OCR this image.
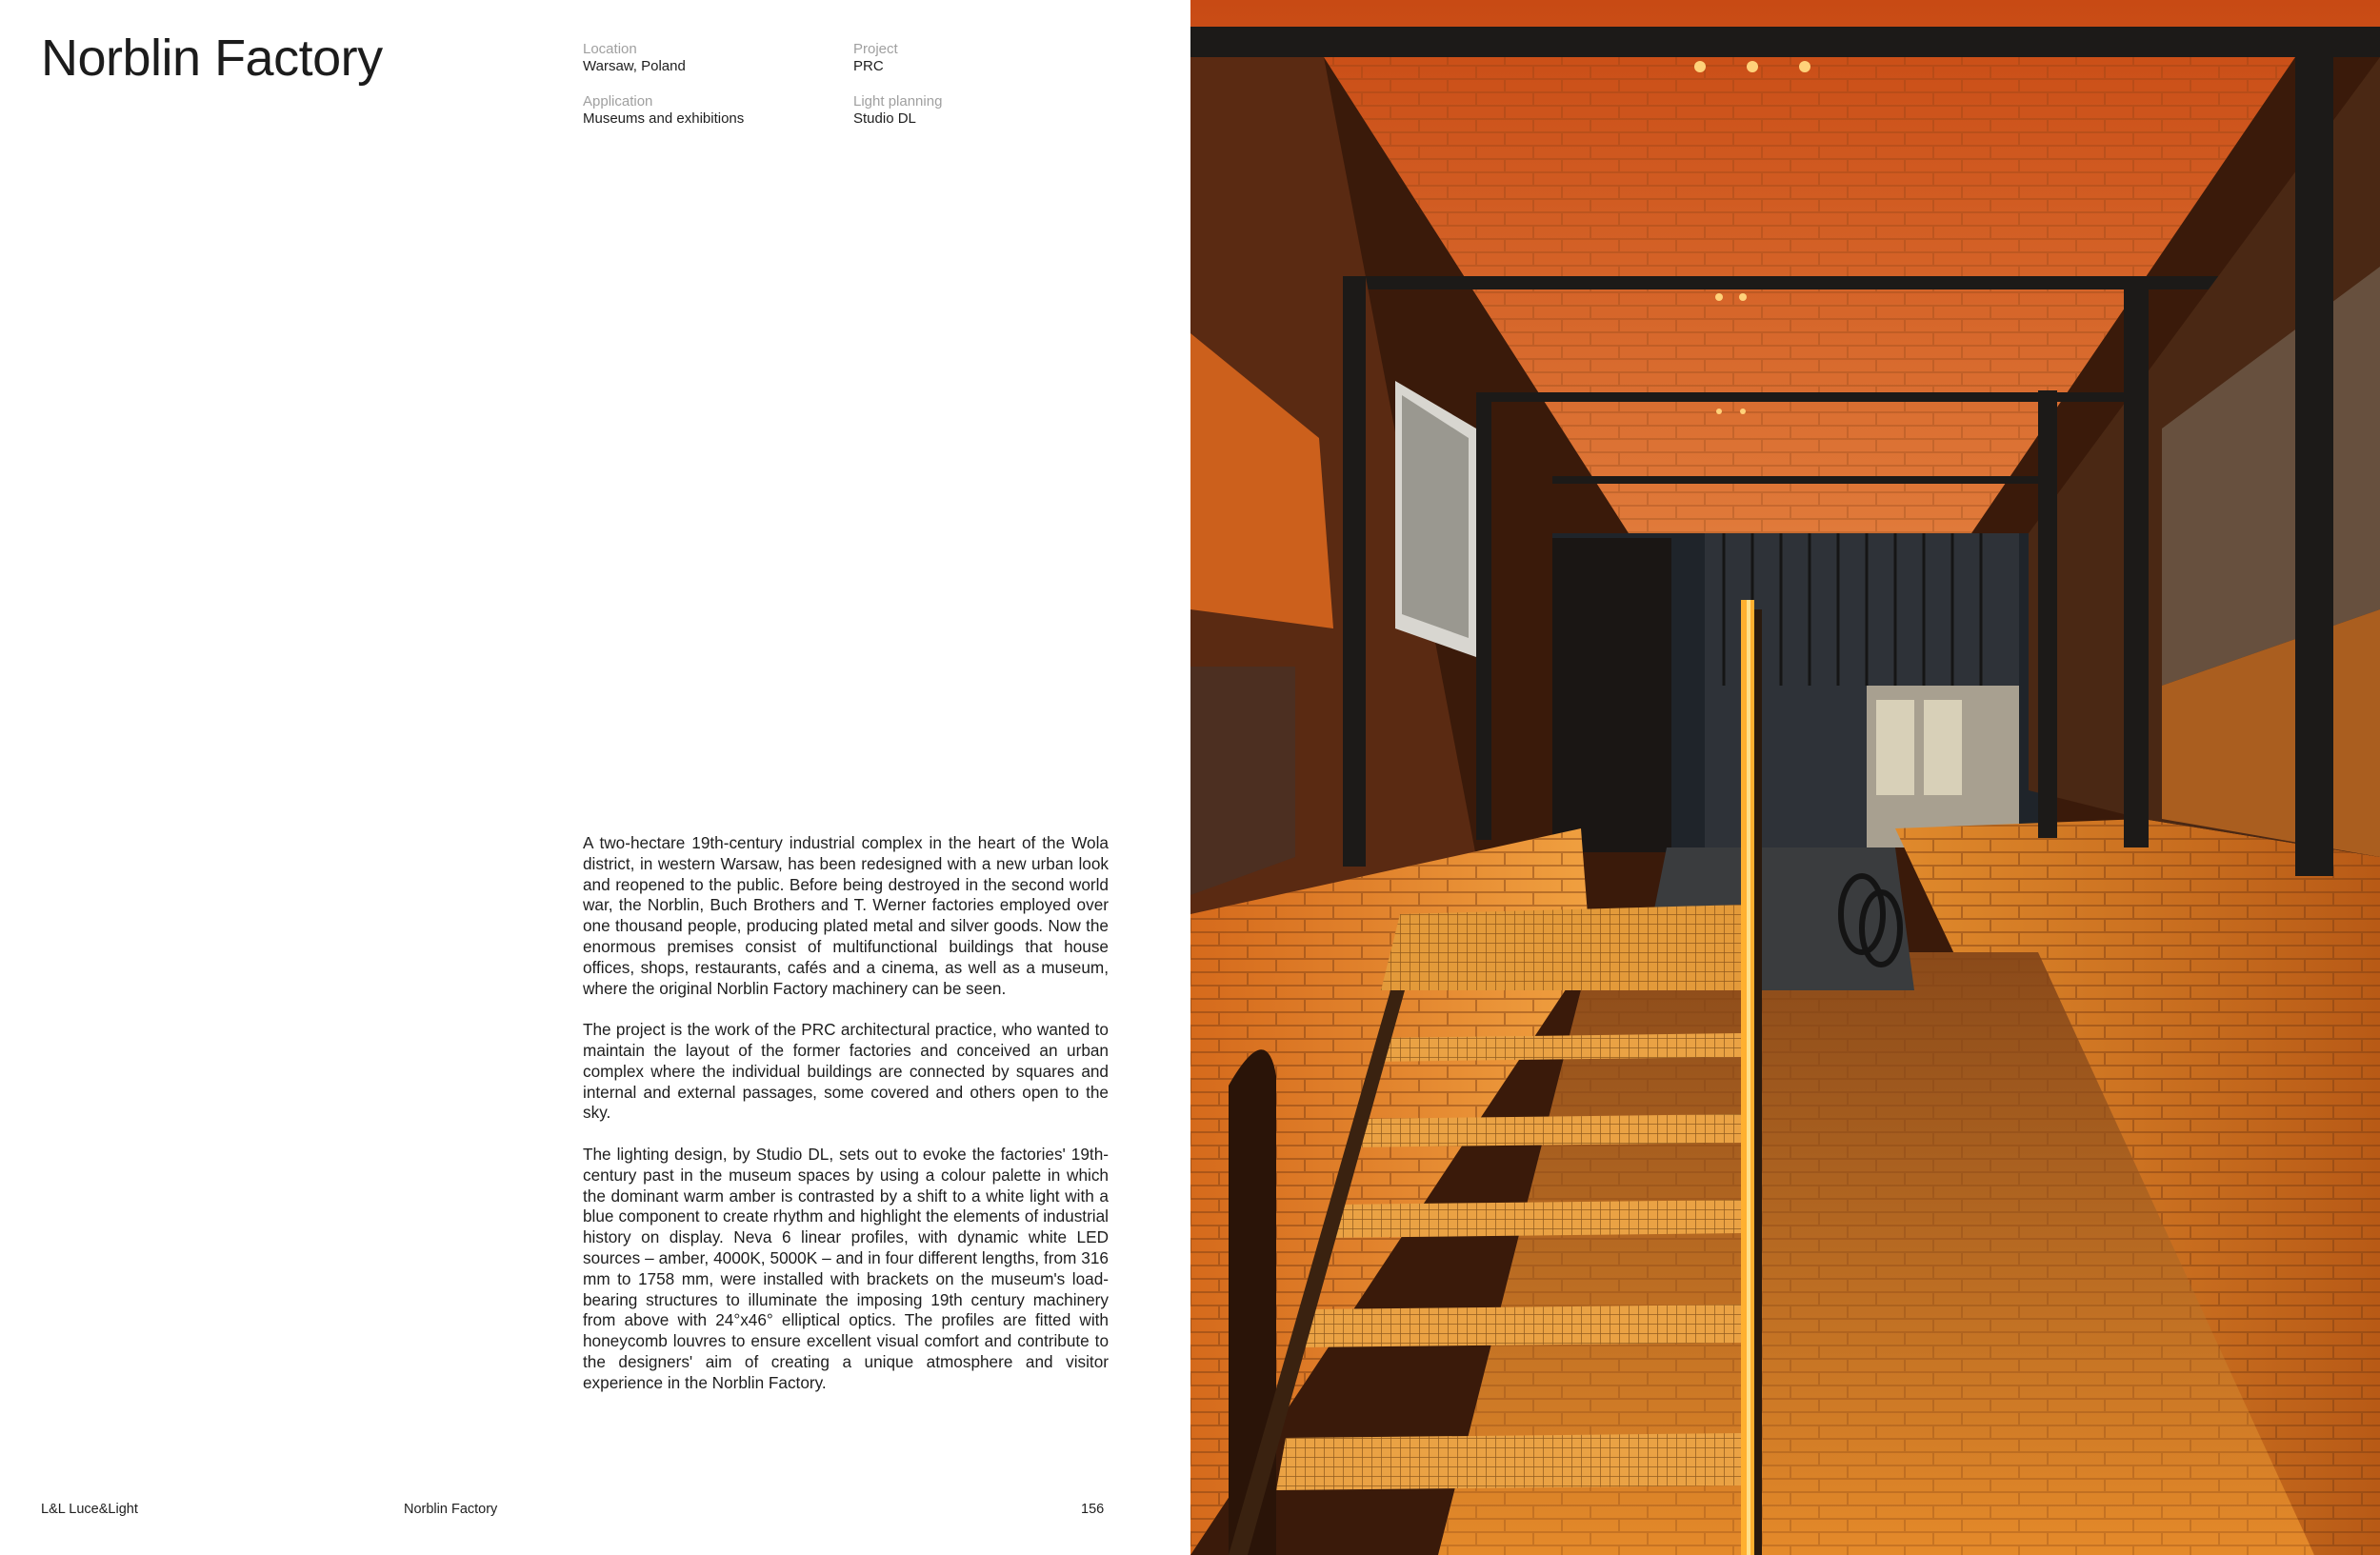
Norblin Factory	Location
Warsaw, Poland
Project
PRC
Application
Museums and exhibitions
Light planning
Studio DL

A two-hectare 19th-century industrial complex in the heart of the Wola district, in western Warsaw, has been redesigned with a new urban look and reopened to the public. Before being destroyed in the second world war, the Norblin, Buch Brothers and T. Werner factories employed over one thousand people, producing plated metal and silver goods. Now the enormous premises consist of multifunctional buildings that house offices, shops, restaurants, cafés and a cinema, as well as a museum, where the original Norblin Factory machinery can be seen.

The project is the work of the PRC architectural practice, who wanted to maintain the layout of the former factories and conceived an urban complex where the individual buildings are connected by squares and internal and external passages, some covered and others open to the sky.

The lighting design, by Studio DL, sets out to evoke the factories' 19th-century past in the museum spaces by using a colour palette in which the dominant warm amber is contrasted by a shift to a white light with a blue component to create rhythm and highlight the elements of industrial history on display. Neva 6 linear profiles, with dynamic white LED sources – amber, 4000K, 5000K – and in four different lengths, from 316 mm to 1758 mm, were installed with brackets on the museum's load-bearing structures to illuminate the imposing 19th century machinery from above with 24°x46° elliptical optics. The profiles are fitted with honeycomb louvres to ensure excellent visual comfort and contribute to the designers' aim of creating a unique atmosphere and visitor experience in the Norblin Factory.

L&L Luce&Light	Norblin Factory	156
